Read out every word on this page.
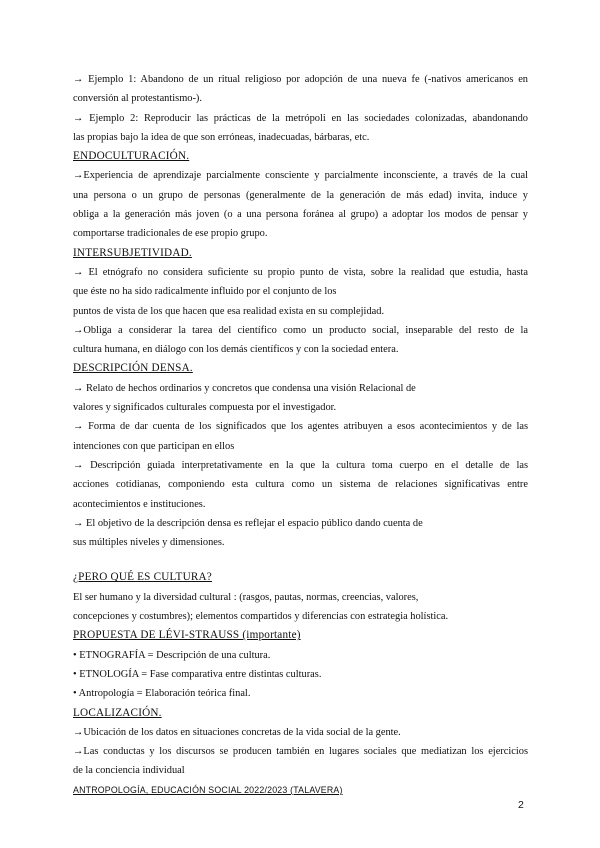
→ Ejemplo 1: Abandono de un ritual religioso por adopción de una nueva fe (-nativos americanos en
conversión al protestantismo-).
→ Ejemplo 2: Reproducir las prácticas de la metrópoli en las sociedades colonizadas, abandonando
las propias bajo la idea de que son erróneas, inadecuadas, bárbaras, etc.
ENDOCULTURACIÓN.
→Experiencia de aprendizaje parcialmente consciente y parcialmente inconsciente, a través de la cual
una persona o un grupo de personas (generalmente de la generación de más edad) invita, induce y
obliga a la generación más joven (o a una persona foránea al grupo) a adoptar los modos de pensar y
comportarse tradicionales de ese propio grupo.
INTERSUBJETIVIDAD.
→ El etnógrafo no considera suficiente su propio punto de vista, sobre la realidad que estudia, hasta
que éste no ha sido radicalmente influido por el conjunto de los
puntos de vista de los que hacen que esa realidad exista en su complejidad.
→Obliga a considerar la tarea del científico como un producto social, inseparable del resto de la
cultura humana, en diálogo con los demás científicos y con la sociedad entera.
DESCRIPCIÓN DENSA.
→ Relato de hechos ordinarios y concretos que condensa una visión Relacional de
valores y significados culturales compuesta por el investigador.
→ Forma de dar cuenta de los significados que los agentes atribuyen a esos acontecimientos y de las
intenciones con que participan en ellos
→ Descripción guiada interpretativamente en la que la cultura toma cuerpo en el detalle de las
acciones cotidianas, componiendo esta cultura como un sistema de relaciones significativas entre
acontecimientos e instituciones.
→ El objetivo de la descripción densa es reflejar el espacio público dando cuenta de
sus múltiples niveles y dimensiones.
¿PERO QUÉ ES CULTURA?
El ser humano y la diversidad cultural : (rasgos, pautas, normas, creencias, valores,
concepciones y costumbres); elementos compartidos y diferencias con estrategia holística.
PROPUESTA DE LÉVI-STRAUSS (importante)
• ETNOGRAFÍA = Descripción de una cultura.
• ETNOLOGÍA = Fase comparativa entre distintas culturas.
• Antropología = Elaboración teórica final.
LOCALIZACIÓN.
→Ubicación de los datos en situaciones concretas de la vida social de la gente.
→Las conductas y los discursos se producen también en lugares sociales que mediatizan los ejercicios
de la conciencia individual
ANTROPOLOGÍA, EDUCACIÓN SOCIAL 2022/2023 (TALAVERA)
2
